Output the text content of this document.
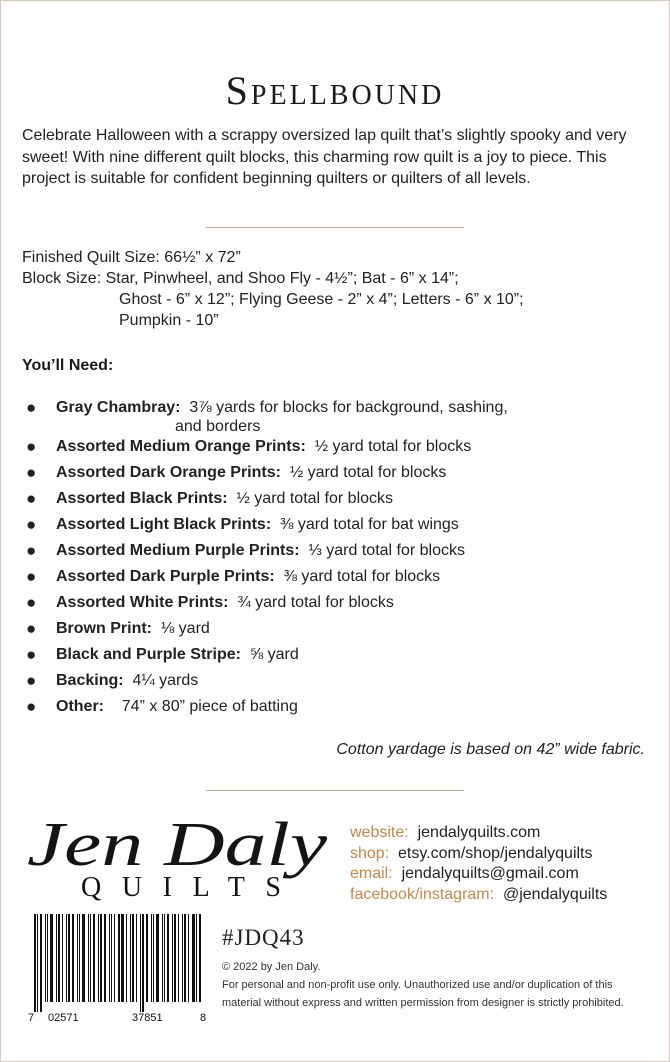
Spellbound
Celebrate Halloween with a scrappy oversized lap quilt that’s slightly spooky and very sweet! With nine different quilt blocks, this charming row quilt is a joy to piece. This project is suitable for confident beginning quilters or quilters of all levels.
Finished Quilt Size: 66½” x 72”
Block Size: Star, Pinwheel, and Shoo Fly - 4½”; Bat - 6” x 14”;
Ghost - 6” x 12”; Flying Geese - 2” x 4”; Letters - 6” x 10”;
Pumpkin - 10”
You’ll Need:
● Gray Chambray: 3⅞ yards for blocks for background, sashing,
and borders
● Assorted Medium Orange Prints: ½ yard total for blocks
● Assorted Dark Orange Prints: ½ yard total for blocks
● Assorted Black Prints: ½ yard total for blocks
● Assorted Light Black Prints: ⅜ yard total for bat wings
● Assorted Medium Purple Prints: ⅓ yard total for blocks
● Assorted Dark Purple Prints: ⅜ yard total for blocks
● Assorted White Prints: ¾ yard total for blocks
● Brown Print: ⅛ yard
● Black and Purple Stripe: ⅝ yard
● Backing: 4¼ yards
● Other:    74” x 80” piece of batting
Cotton yardage is based on 42” wide fabric.
Jen Daly
QUILTS
website: jendalyquilts.com
shop: etsy.com/shop/jendalyquilts
email: jendalyquilts@gmail.com
facebook/instagram: @jendalyquilts
7 02571	37851	8
#JDQ43
© 2022 by Jen Daly.
For personal and non-profit use only. Unauthorized use and/or duplication of this material without express and written permission from designer is strictly prohibited.
